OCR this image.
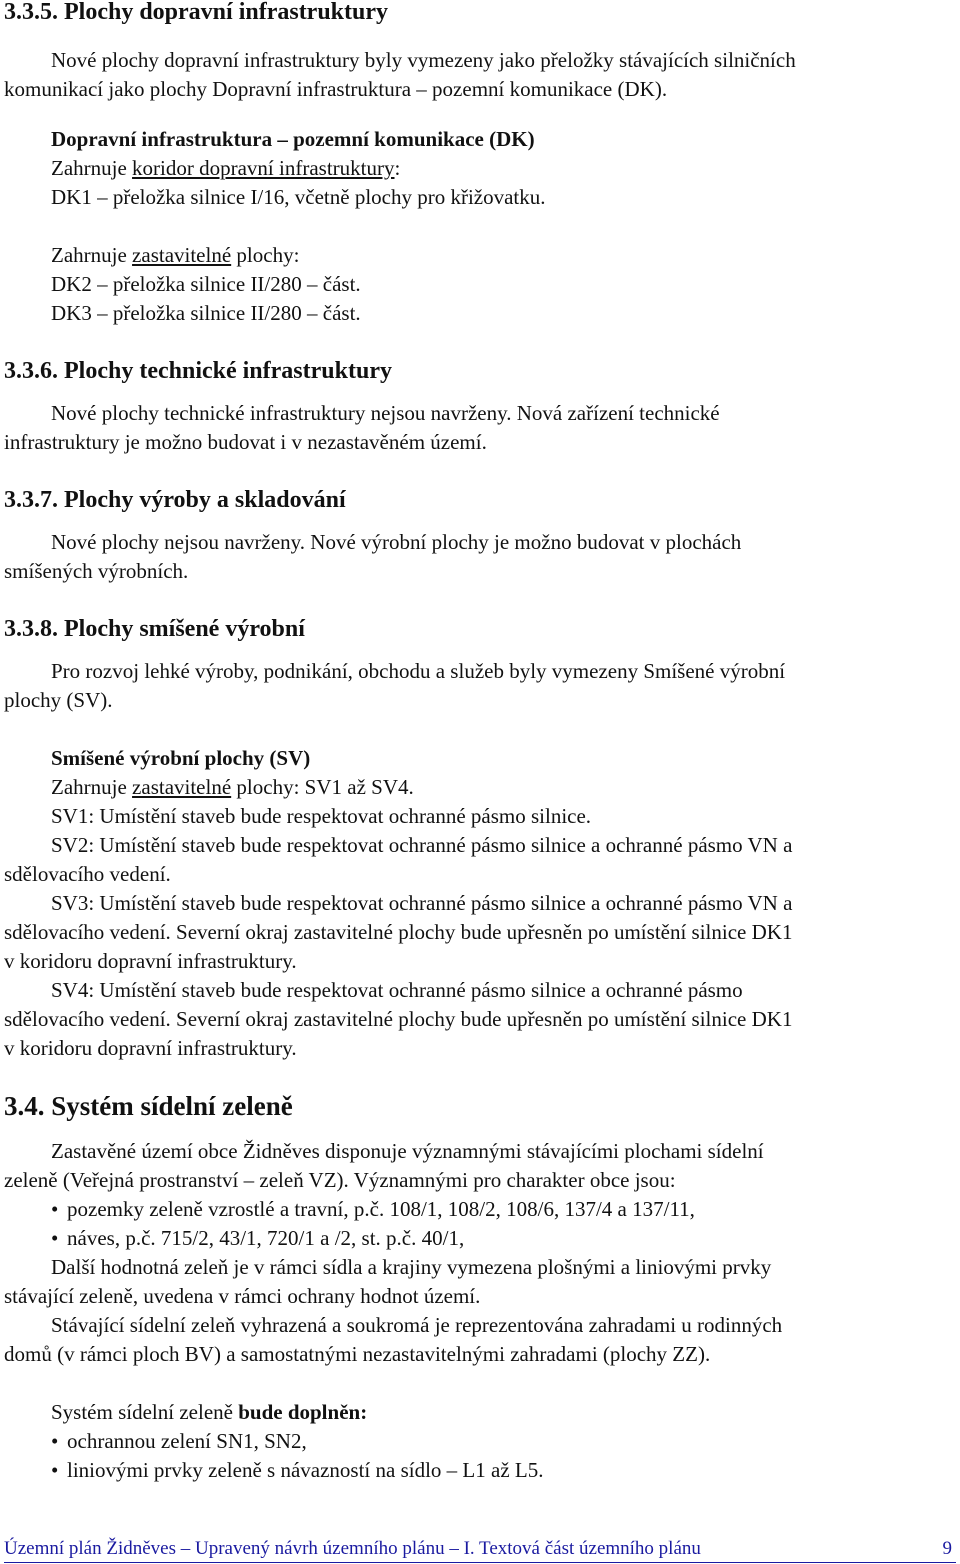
3.3.5. Plochy dopravní infrastruktury
Nové plochy dopravní infrastruktury byly vymezeny jako přeložky stávajících silničních
komunikací jako plochy Dopravní infrastruktura – pozemní komunikace (DK).
Dopravní infrastruktura – pozemní komunikace (DK)
Zahrnuje koridor dopravní infrastruktury:
DK1 – přeložka silnice I/16, včetně plochy pro křižovatku.
Zahrnuje zastavitelné plochy:
DK2 – přeložka silnice II/280 – část.
DK3 – přeložka silnice II/280 – část.
3.3.6. Plochy technické infrastruktury
Nové plochy technické infrastruktury nejsou navrženy. Nová zařízení technické
infrastruktury je možno budovat i v nezastavěném území.
3.3.7. Plochy výroby a skladování
Nové plochy nejsou navrženy. Nové výrobní plochy je možno budovat v plochách
smíšených výrobních.
3.3.8. Plochy smíšené výrobní
Pro rozvoj lehké výroby, podnikání, obchodu a služeb byly vymezeny Smíšené výrobní
plochy (SV).
Smíšené výrobní plochy (SV)
Zahrnuje zastavitelné plochy: SV1 až SV4.
SV1: Umístění staveb bude respektovat ochranné pásmo silnice.
SV2: Umístění staveb bude respektovat ochranné pásmo silnice a ochranné pásmo VN a
sdělovacího vedení.
SV3: Umístění staveb bude respektovat ochranné pásmo silnice a ochranné pásmo VN a
sdělovacího vedení. Severní okraj zastavitelné plochy bude upřesněn po umístění silnice DK1
v koridoru dopravní infrastruktury.
SV4: Umístění staveb bude respektovat ochranné pásmo silnice a ochranné pásmo
sdělovacího vedení. Severní okraj zastavitelné plochy bude upřesněn po umístění silnice DK1
v koridoru dopravní infrastruktury.
3.4. Systém sídelní zeleně
Zastavěné území obce Židněves disponuje významnými stávajícími plochami sídelní
zeleně (Veřejná prostranství – zeleň VZ). Významnými pro charakter obce jsou:
• pozemky zeleně vzrostlé a travní, p.č. 108/1, 108/2, 108/6, 137/4 a 137/11,
• náves, p.č. 715/2, 43/1, 720/1 a /2, st. p.č. 40/1,
Další hodnotná zeleň je v rámci sídla a krajiny vymezena plošnými a liniovými prvky
stávající zeleně, uvedena v rámci ochrany hodnot území.
Stávající sídelní zeleň vyhrazená a soukromá je reprezentována zahradami u rodinných
domů (v rámci ploch BV) a samostatnými nezastavitelnými zahradami (plochy ZZ).
Systém sídelní zeleně bude doplněn:
• ochrannou zelení SN1, SN2,
• liniovými prvky zeleně s návazností na sídlo – L1 až L5.
Územní plán Židněves – Upravený návrh územního plánu – I. Textová část územního plánu	9
